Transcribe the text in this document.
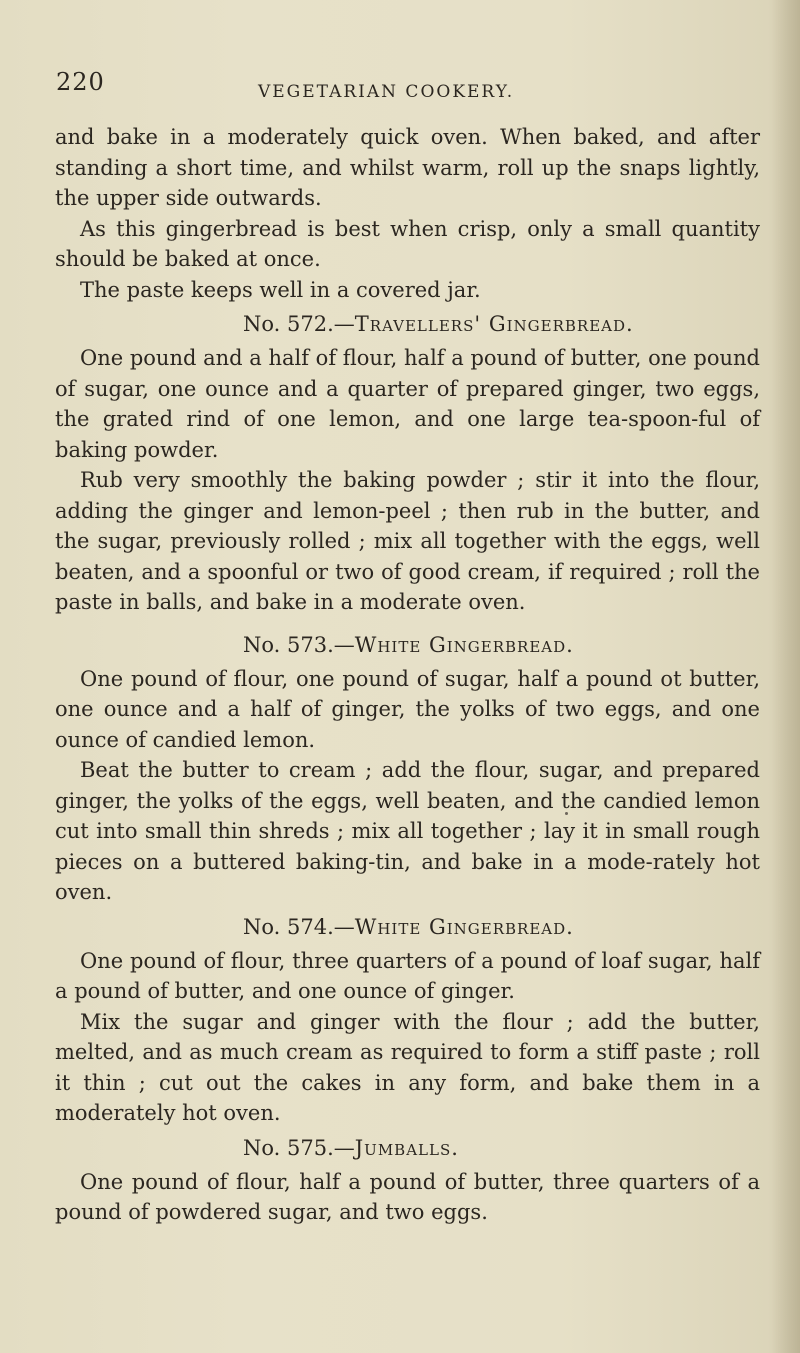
220	VEGETARIAN COOKERY.

and bake in a moderately quick oven. When baked, and after standing a short time, and whilst warm, roll up the snaps lightly, the upper side outwards.

As this gingerbread is best when crisp, only a small quantity should be baked at once.

The paste keeps well in a covered jar.

No. 572.—Travellers' Gingerbread.

One pound and a half of flour, half a pound of butter, one pound of sugar, one ounce and a quarter of prepared ginger, two eggs, the grated rind of one lemon, and one large tea-spoon-ful of baking powder.

Rub very smoothly the baking powder ; stir it into the flour, adding the ginger and lemon-peel ; then rub in the butter, and the sugar, previously rolled ; mix all together with the eggs, well beaten, and a spoonful or two of good cream, if required ; roll the paste in balls, and bake in a moderate oven.

No. 573.—White Gingerbread.

One pound of flour, one pound of sugar, half a pound ot butter, one ounce and a half of ginger, the yolks of two eggs, and one ounce of candied lemon.

Beat the butter to cream ; add the flour, sugar, and prepared ginger, the yolks of the eggs, well beaten, and the candied lemon cut into small thin shreds ; mix all together ; lay it in small rough pieces on a buttered baking-tin, and bake in a mode-rately hot oven.

No. 574.—White Gingerbread.

One pound of flour, three quarters of a pound of loaf sugar, half a pound of butter, and one ounce of ginger.

Mix the sugar and ginger with the flour ; add the butter, melted, and as much cream as required to form a stiff paste ; roll it thin ; cut out the cakes in any form, and bake them in a moderately hot oven.

No. 575.—Jumballs.

One pound of flour, half a pound of butter, three quarters of a pound of powdered sugar, and two eggs.
